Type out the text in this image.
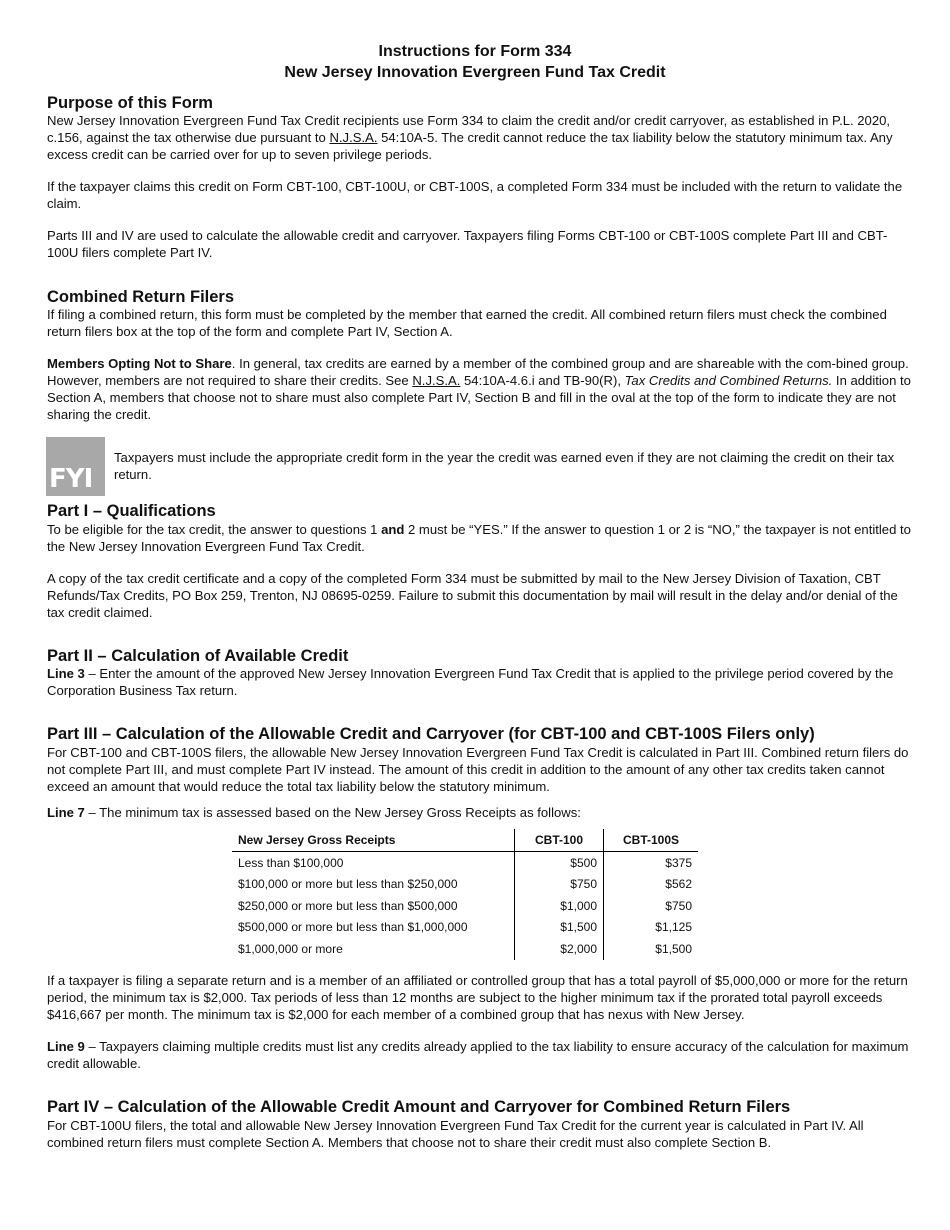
Instructions for Form 334
New Jersey Innovation Evergreen Fund Tax Credit
Purpose of this Form

New Jersey Innovation Evergreen Fund Tax Credit recipients use Form 334 to claim the credit and/or credit carryover, as established in P.L. 2020, c.156, against the tax otherwise due pursuant to N.J.S.A. 54:10A-5. The credit cannot reduce the tax liability below the statutory minimum tax. Any excess credit can be carried over for up to seven privilege periods.

If the taxpayer claims this credit on Form CBT-100, CBT-100U, or CBT-100S, a completed Form 334 must be included with the return to validate the claim.

Parts III and IV are used to calculate the allowable credit and carryover. Taxpayers filing Forms CBT-100 or CBT-100S complete Part III and CBT-100U filers complete Part IV.

Combined Return Filers

If filing a combined return, this form must be completed by the member that earned the credit. All combined return filers must check the combined return filers box at the top of the form and complete Part IV, Section A.

Members Opting Not to Share. In general, tax credits are earned by a member of the combined group and are shareable with the com-bined group. However, members are not required to share their credits. See N.J.S.A. 54:10A-4.6.i and TB-90(R), Tax Credits and Combined Returns. In addition to Section A, members that choose not to share must also complete Part IV, Section B and fill in the oval at the top of the form to indicate they are not sharing the credit.

FYI

Taxpayers must include the appropriate credit form in the year the credit was earned even if they are not claiming the credit on their tax return.

Part I – Qualifications

To be eligible for the tax credit, the answer to questions 1 and 2 must be “YES.” If the answer to question 1 or 2 is “NO,” the taxpayer is not entitled to the New Jersey Innovation Evergreen Fund Tax Credit.

A copy of the tax credit certificate and a copy of the completed Form 334 must be submitted by mail to the New Jersey Division of Taxation, CBT Refunds/Tax Credits, PO Box 259, Trenton, NJ 08695-0259. Failure to submit this documentation by mail will result in the delay and/or denial of the tax credit claimed.

Part II – Calculation of Available Credit

Line 3 – Enter the amount of the approved New Jersey Innovation Evergreen Fund Tax Credit that is applied to the privilege period covered by the Corporation Business Tax return.

Part III – Calculation of the Allowable Credit and Carryover (for CBT-100 and CBT-100S Filers only)

For CBT-100 and CBT-100S filers, the allowable New Jersey Innovation Evergreen Fund Tax Credit is calculated in Part III. Combined return filers do not complete Part III, and must complete Part IV instead. The amount of this credit in addition to the amount of any other tax credits taken cannot exceed an amount that would reduce the total tax liability below the statutory minimum.

Line 7 – The minimum tax is assessed based on the New Jersey Gross Receipts as follows:

New Jersey Gross Receipts	CBT-100	CBT-100S
Less than $100,000	$500	$375
$100,000 or more but less than $250,000	$750	$562
$250,000 or more but less than $500,000	$1,000	$750
$500,000 or more but less than $1,000,000	$1,500	$1,125
$1,000,000 or more	$2,000	$1,500

If a taxpayer is filing a separate return and is a member of an affiliated or controlled group that has a total payroll of $5,000,000 or more for the return period, the minimum tax is $2,000. Tax periods of less than 12 months are subject to the higher minimum tax if the prorated total payroll exceeds $416,667 per month. The minimum tax is $2,000 for each member of a combined group that has nexus with New Jersey.

Line 9 – Taxpayers claiming multiple credits must list any credits already applied to the tax liability to ensure accuracy of the calculation for maximum credit allowable.

Part IV – Calculation of the Allowable Credit Amount and Carryover for Combined Return Filers

For CBT-100U filers, the total and allowable New Jersey Innovation Evergreen Fund Tax Credit for the current year is calculated in Part IV. All combined return filers must complete Section A. Members that choose not to share their credit must also complete Section B.
